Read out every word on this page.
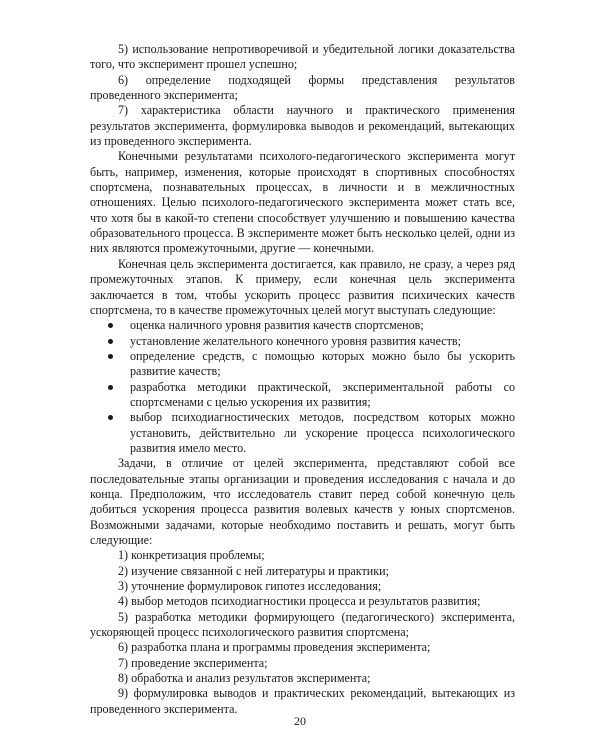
5) использование непротиворечивой и убедительной логики доказательства того, что эксперимент прошел успешно;

6) определение подходящей формы представления результатов проведенного эксперимента;

7) характеристика области научного и практического применения результатов эксперимента, формулировка выводов и рекомендаций, вытекающих из проведенного эксперимента.

Конечными результатами психолого-педагогического эксперимента могут быть, например, изменения, которые происходят в спортивных способностях спортсмена, познавательных процессах, в личности и в межличностных отношениях. Целью психолого-педагогического эксперимента может стать все, что хотя бы в какой-то степени способствует улучшению и повышению качества образовательного процесса. В эксперименте может быть несколько целей, одни из них являются промежуточными, другие — конечными.

Конечная цель эксперимента достигается, как правило, не сразу, а через ряд промежуточных этапов. К примеру, если конечная цель эксперимента заключается в том, чтобы ускорить процесс развития психических качеств спортсмена, то в качестве промежуточных целей могут выступать следующие:

оценка наличного уровня развития качеств спортсменов;
установление желательного конечного уровня развития качеств;
определение средств, с помощью которых можно было бы ускорить развитие качеств;
разработка методики практической, экспериментальной работы со спортсменами с целью ускорения их развития;
выбор психодиагностических методов, посредством которых можно установить, действительно ли ускорение процесса психологического развития имело место.

Задачи, в отличие от целей эксперимента, представляют собой все последовательные этапы организации и проведения исследования с начала и до конца. Предположим, что исследователь ставит перед собой конечную цель добиться ускорения процесса развития волевых качеств у юных спортсменов. Возможными задачами, которые необходимо поставить и решать, могут быть следующие:

1) конкретизация проблемы;

2) изучение связанной с ней литературы и практики;

3) уточнение формулировок гипотез исследования;

4) выбор методов психодиагностики процесса и результатов развития;

5) разработка методики формирующего (педагогического) эксперимента, ускоряющей процесс психологического развития спортсмена;

6) разработка плана и программы проведения эксперимента;

7) проведение эксперимента;

8) обработка и анализ результатов эксперимента;

9) формулировка выводов и практических рекомендаций, вытекающих из проведенного эксперимента.

20
